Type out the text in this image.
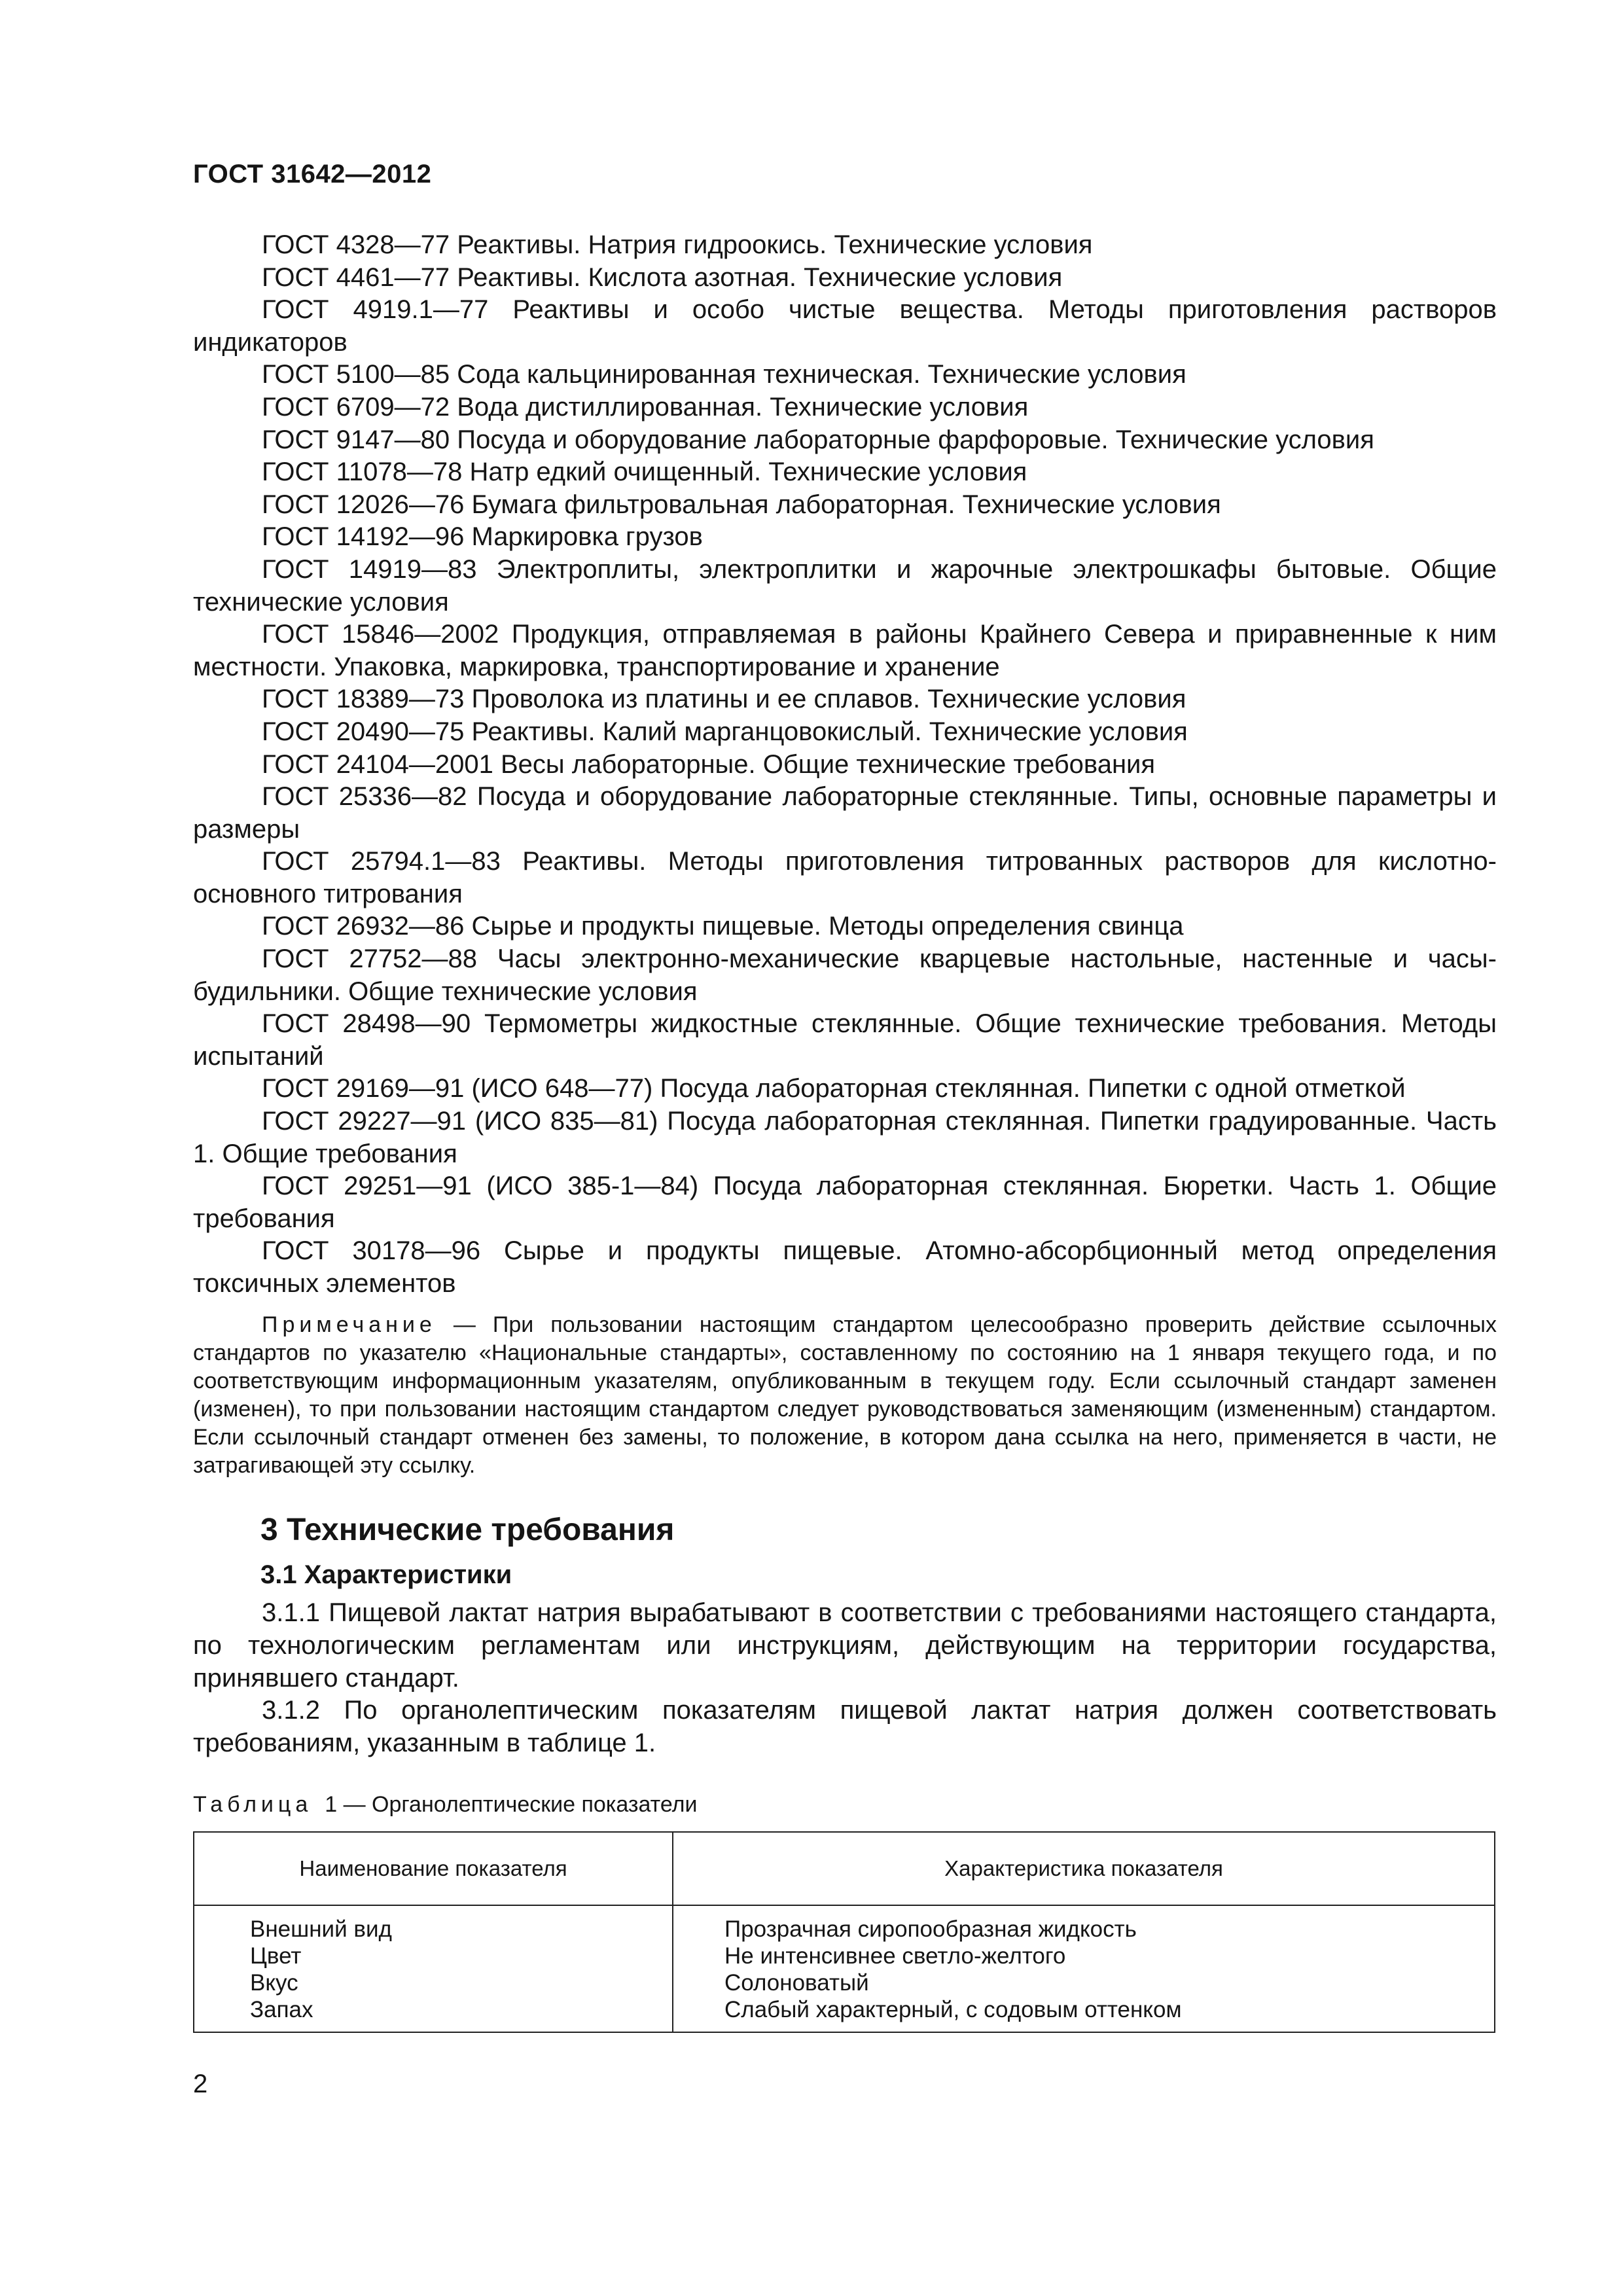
ГОСТ 31642—2012
ГОСТ 4328—77 Реактивы. Натрия гидроокись. Технические условия
ГОСТ 4461—77 Реактивы. Кислота азотная. Технические условия
ГОСТ 4919.1—77 Реактивы и особо чистые вещества. Методы приготовления растворов индикаторов
ГОСТ 5100—85 Сода кальцинированная техническая. Технические условия
ГОСТ 6709—72 Вода дистиллированная. Технические условия
ГОСТ 9147—80 Посуда и оборудование лабораторные фарфоровые. Технические условия
ГОСТ 11078—78 Натр едкий очищенный. Технические условия
ГОСТ 12026—76 Бумага фильтровальная лабораторная. Технические условия
ГОСТ 14192—96 Маркировка грузов
ГОСТ 14919—83 Электроплиты, электроплитки и жарочные электрошкафы бытовые. Общие технические условия
ГОСТ 15846—2002 Продукция, отправляемая в районы Крайнего Севера и приравненные к ним местности. Упаковка, маркировка, транспортирование и хранение
ГОСТ 18389—73 Проволока из платины и ее сплавов. Технические условия
ГОСТ 20490—75 Реактивы. Калий марганцовокислый. Технические условия
ГОСТ 24104—2001 Весы лабораторные. Общие технические требования
ГОСТ 25336—82 Посуда и оборудование лабораторные стеклянные. Типы, основные параметры и размеры
ГОСТ 25794.1—83 Реактивы. Методы приготовления титрованных растворов для кислотно-основного титрования
ГОСТ 26932—86 Сырье и продукты пищевые. Методы определения свинца
ГОСТ 27752—88 Часы электронно-механические кварцевые настольные, настенные и часы-будильники. Общие технические условия
ГОСТ 28498—90 Термометры жидкостные стеклянные. Общие технические требования. Методы испытаний
ГОСТ 29169—91 (ИСО 648—77) Посуда лабораторная стеклянная. Пипетки с одной отметкой
ГОСТ 29227—91 (ИСО 835—81) Посуда лабораторная стеклянная. Пипетки градуированные. Часть 1. Общие требования
ГОСТ 29251—91 (ИСО 385-1—84) Посуда лабораторная стеклянная. Бюретки. Часть 1. Общие требования
ГОСТ 30178—96 Сырье и продукты пищевые. Атомно-абсорбционный метод определения токсичных элементов
Примечание — При пользовании настоящим стандартом целесообразно проверить действие ссылочных стандартов по указателю «Национальные стандарты», составленному по состоянию на 1 января текущего года, и по соответствующим информационным указателям, опубликованным в текущем году. Если ссылочный стандарт заменен (изменен), то при пользовании настоящим стандартом следует руководствоваться заменяющим (измененным) стандартом. Если ссылочный стандарт отменен без замены, то положение, в котором дана ссылка на него, применяется в части, не затрагивающей эту ссылку.
3 Технические требования
3.1 Характеристики
3.1.1 Пищевой лактат натрия вырабатывают в соответствии с требованиями настоящего стандарта, по технологическим регламентам или инструкциям, действующим на территории государства, принявшего стандарт.
3.1.2 По органолептическим показателям пищевой лактат натрия должен соответствовать требованиям, указанным в таблице 1.
Таблица 1 — Органолептические показатели
Наименование показателя	Характеристика показателя
Внешний вид	Прозрачная сиропообразная жидкость
Цвет	Не интенсивнее светло-желтого
Вкус	Солоноватый
Запах	Слабый характерный, с содовым оттенком
2
